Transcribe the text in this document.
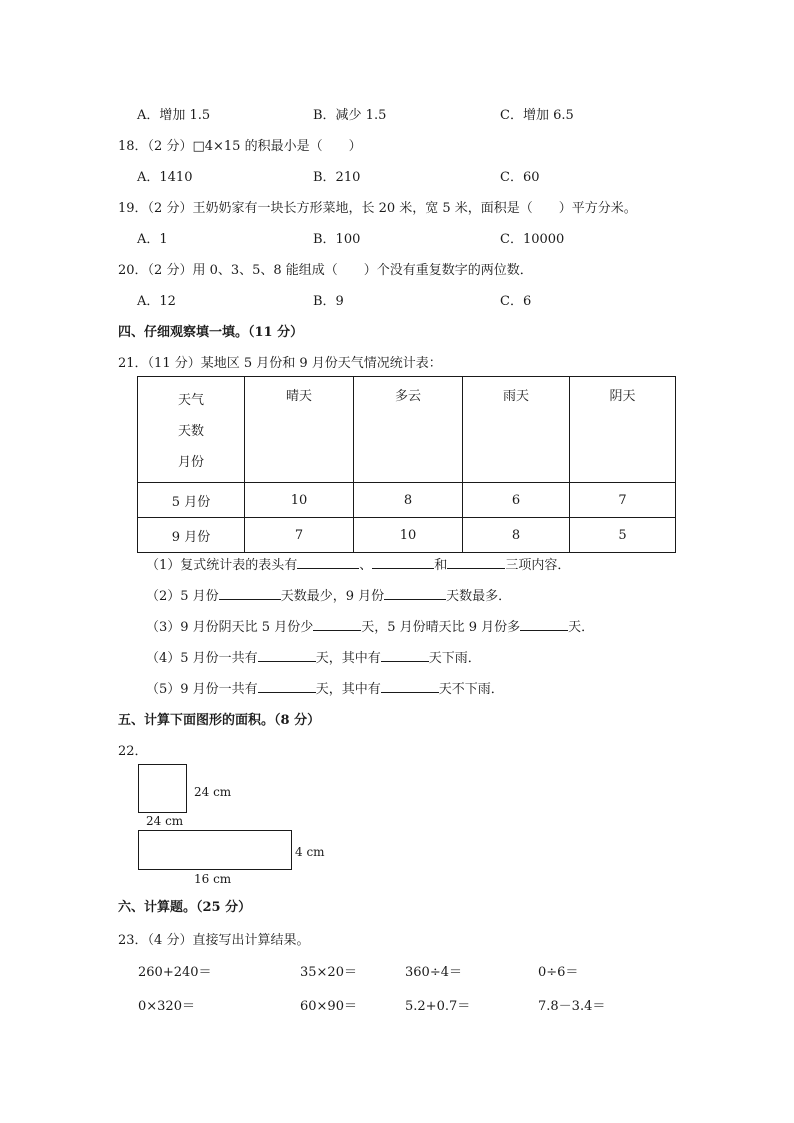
A．增加 1.5	B．减少 1.5	C．增加 6.5
18．（2 分）□4×15 的积最小是（　　）
A．1410	B．210	C．60
19．（2 分）王奶奶家有一块长方形菜地，长 20 米，宽 5 米，面积是（　　）平方分米。
A．1	B．100	C．10000
20．（2 分）用 0、3、5、8 能组成（　　）个没有重复数字的两位数．
A．12	B．9	C．6
四、仔细观察填一填。（11 分）
21．（11 分）某地区 5 月份和 9 月份天气情况统计表：
天气
天数
月份	晴天	多云	雨天	阴天
5 月份	10	8	6	7
9 月份	7	10	8	5
（1）复式统计表的表头有	、	和	三项内容．
（2）5 月份	天数最少，9 月份	天数最多．
（3）9 月份阴天比 5 月份少	天，5 月份晴天比 9 月份多	天．
（4）5 月份一共有	天，其中有	天下雨．
（5）9 月份一共有	天，其中有	天不下雨．
五、计算下面图形的面积。（8 分）
22．
24 cm
24 cm
4 cm
16 cm
六、计算题。（25 分）
23．（4 分）直接写出计算结果。
260+240＝	35×20＝	360÷4＝	0÷6＝
0×320＝	60×90＝	5.2+0.7＝	7.8－3.4＝
